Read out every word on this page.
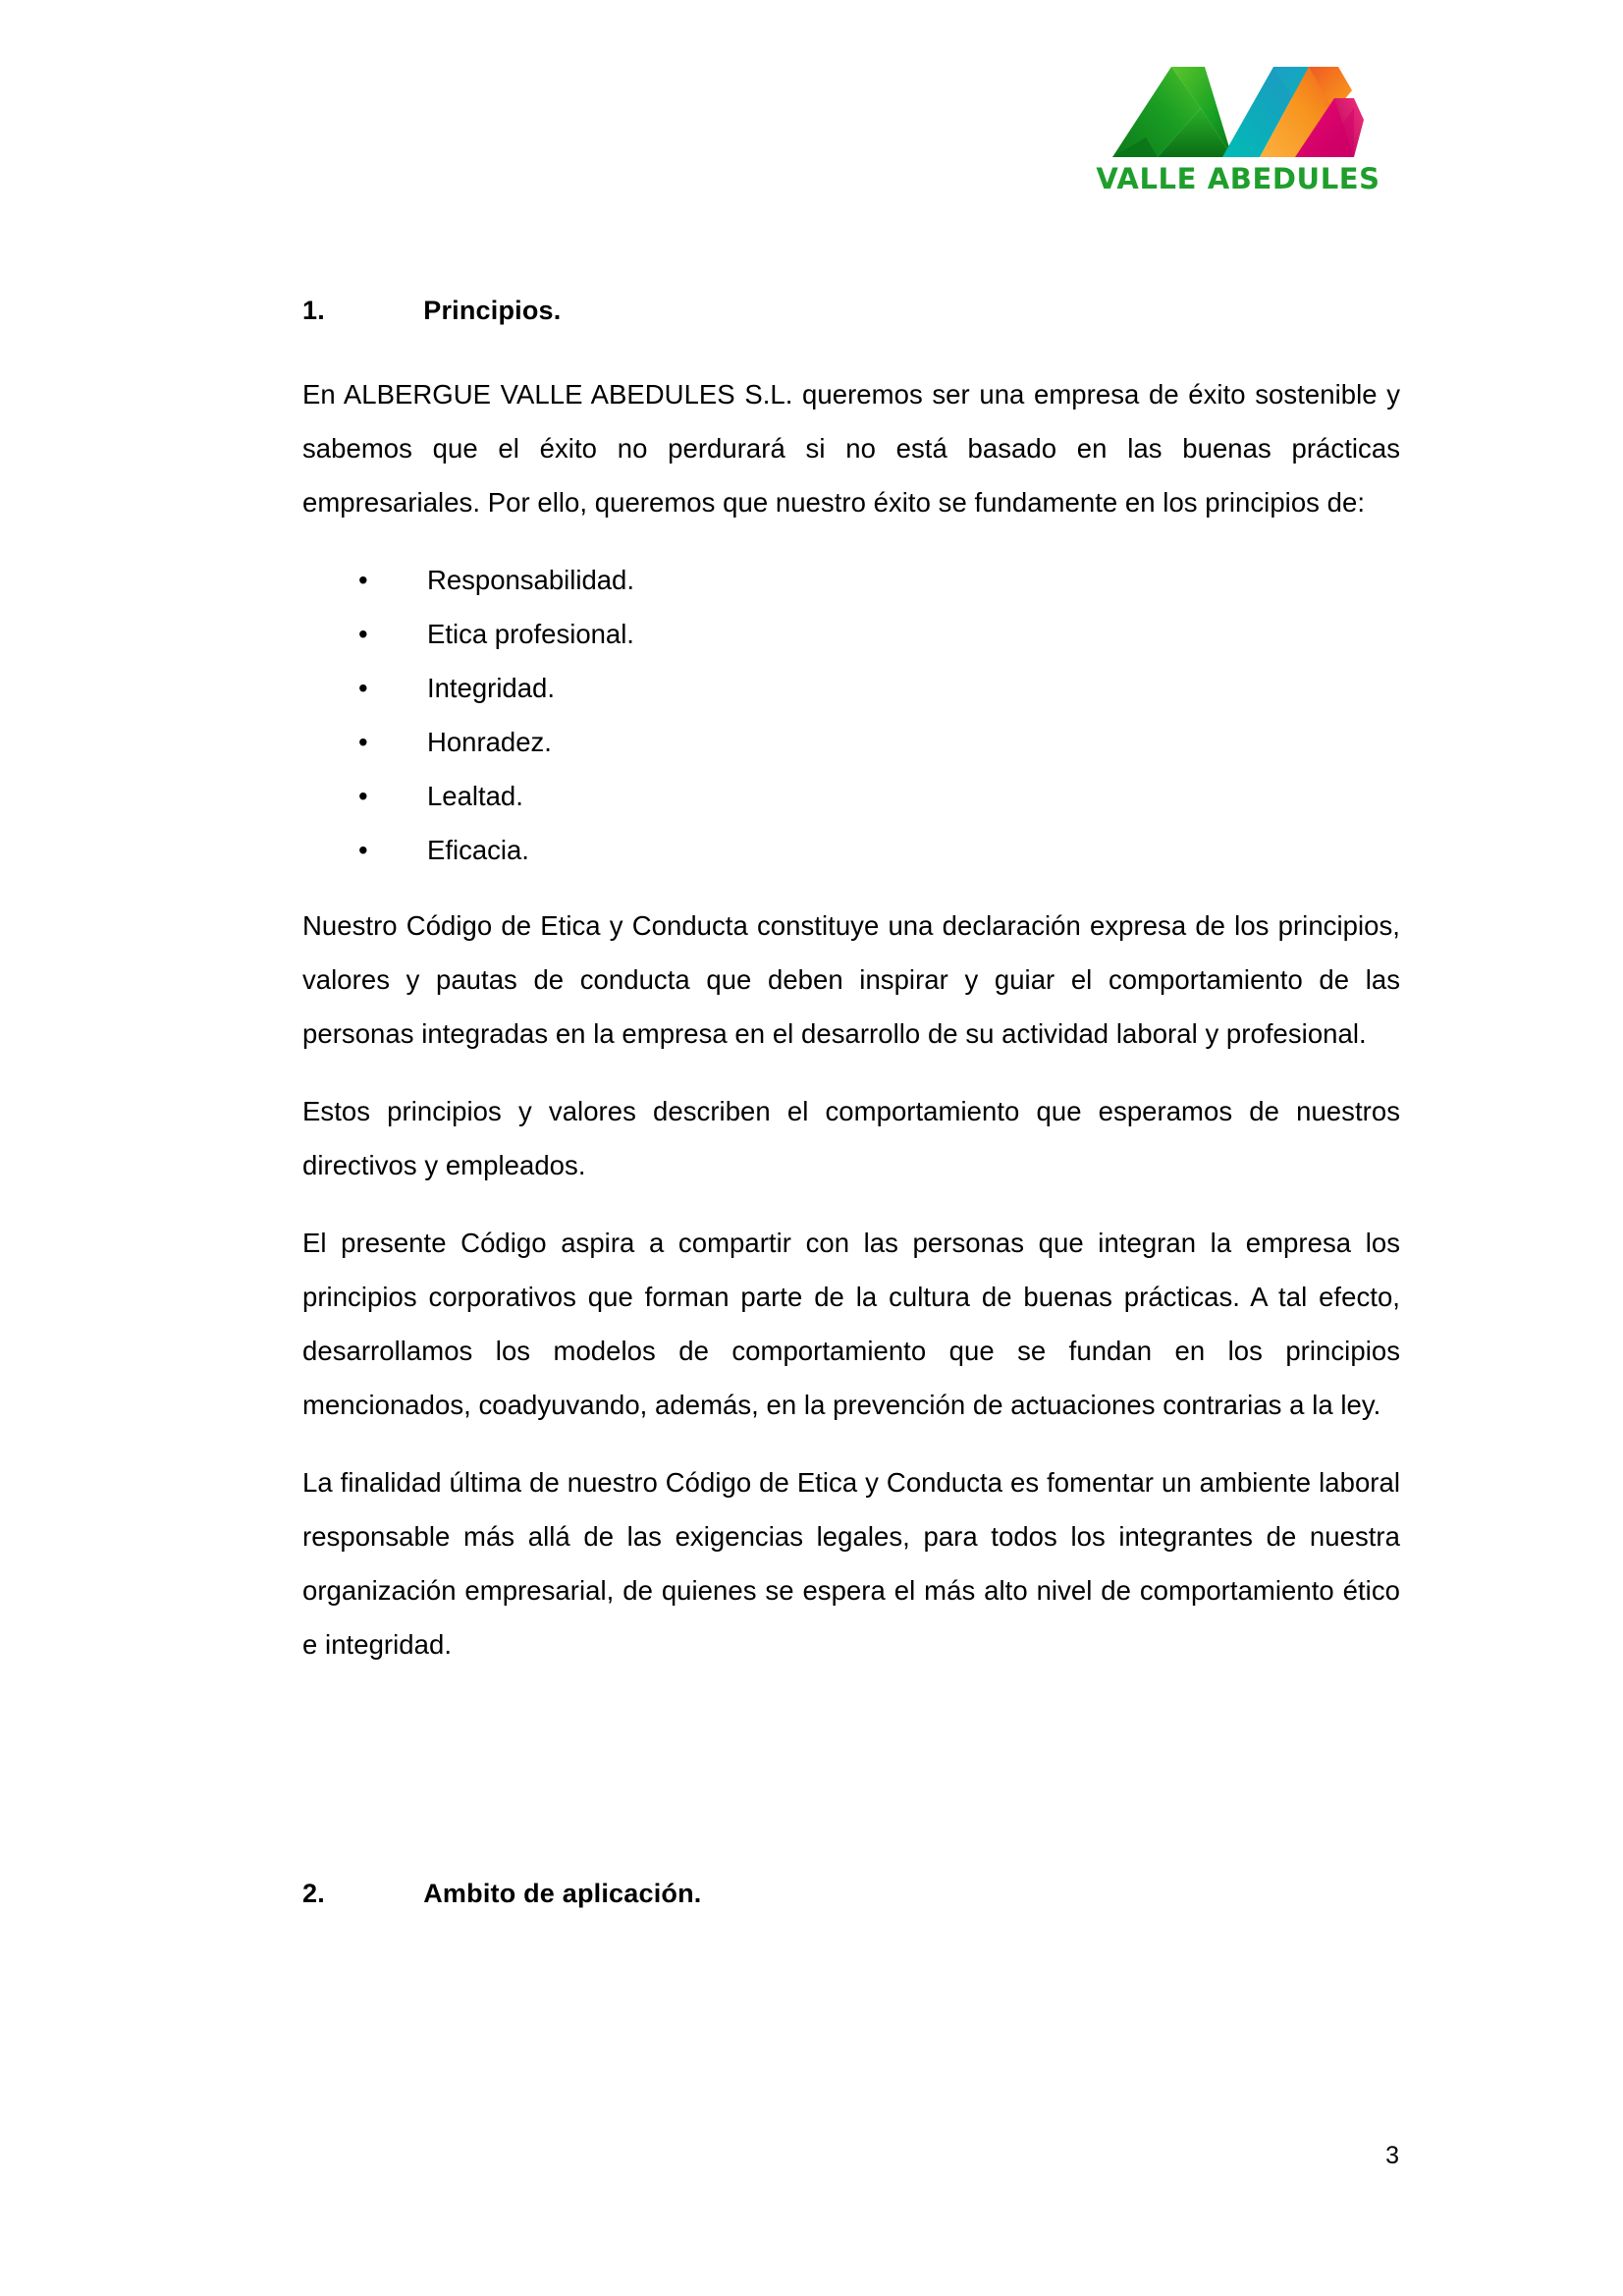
VALLE ABEDULES
1.			Principios.

En ALBERGUE VALLE ABEDULES S.L. queremos ser una empresa de éxito sostenible y sabemos que el éxito no perdurará si no está basado en las buenas prácticas empresariales. Por ello, queremos que nuestro éxito se fundamente en los principios de:

• Responsabilidad.
• Etica profesional.
• Integridad.
• Honradez.
• Lealtad.
• Eficacia.

Nuestro Código de Etica y Conducta constituye una declaración expresa de los principios, valores y pautas de conducta que deben inspirar y guiar el comportamiento de las personas integradas en la empresa en el desarrollo de su actividad laboral y profesional.

Estos principios y valores describen el comportamiento que esperamos de nuestros directivos y empleados.

El presente Código aspira a compartir con las personas que integran la empresa los principios corporativos que forman parte de la cultura de buenas prácticas. A tal efecto, desarrollamos los modelos de comportamiento que se fundan en los principios mencionados, coadyuvando, además, en la prevención de actuaciones contrarias a la ley.

La finalidad última de nuestro Código de Etica y Conducta es fomentar un ambiente laboral responsable más allá de las exigencias legales, para todos los integrantes de nuestra organización empresarial, de quienes se espera el más alto nivel de comportamiento ético e integridad.

2.			Ambito de aplicación.
3
